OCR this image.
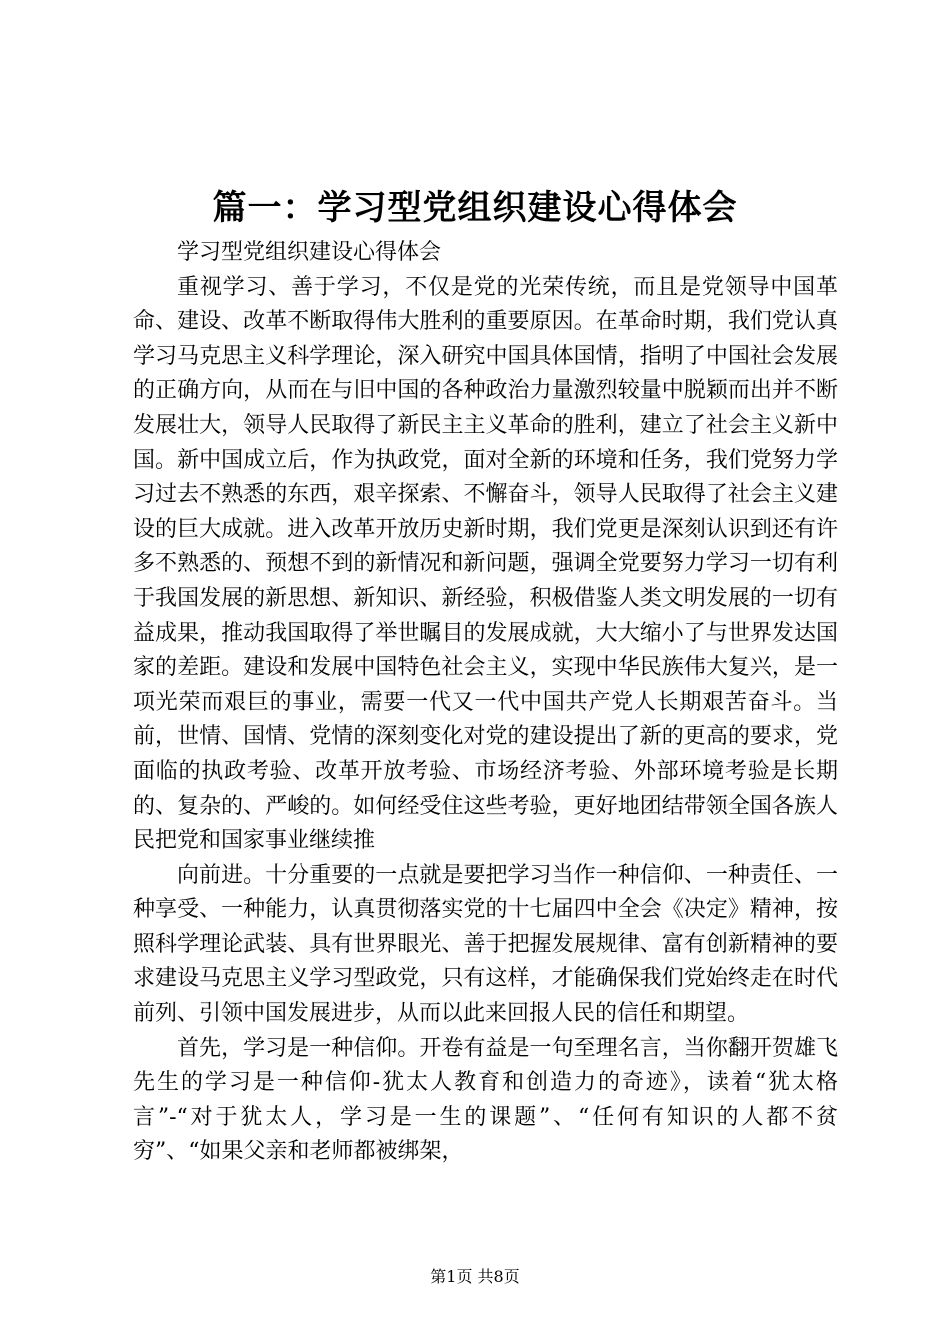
篇一：学习型党组织建设心得体会

学习型党组织建设心得体会

重视学习、善于学习，不仅是党的光荣传统，而且是党领导中国革命、建设、改革不断取得伟大胜利的重要原因。在革命时期，我们党认真学习马克思主义科学理论，深入研究中国具体国情，指明了中国社会发展的正确方向，从而在与旧中国的各种政治力量激烈较量中脱颖而出并不断发展壮大，领导人民取得了新民主主义革命的胜利，建立了社会主义新中国。新中国成立后，作为执政党，面对全新的环境和任务，我们党努力学习过去不熟悉的东西，艰辛探索、不懈奋斗，领导人民取得了社会主义建设的巨大成就。进入改革开放历史新时期，我们党更是深刻认识到还有许多不熟悉的、预想不到的新情况和新问题，强调全党要努力学习一切有利于我国发展的新思想、新知识、新经验，积极借鉴人类文明发展的一切有益成果，推动我国取得了举世瞩目的发展成就，大大缩小了与世界发达国家的差距。建设和发展中国特色社会主义，实现中华民族伟大复兴，是一项光荣而艰巨的事业，需要一代又一代中国共产党人长期艰苦奋斗。当前，世情、国情、党情的深刻变化对党的建设提出了新的更高的要求，党面临的执政考验、改革开放考验、市场经济考验、外部环境考验是长期的、复杂的、严峻的。如何经受住这些考验，更好地团结带领全国各族人民把党和国家事业继续推

向前进。十分重要的一点就是要把学习当作一种信仰、一种责任、一种享受、一种能力，认真贯彻落实党的十七届四中全会《决定》精神，按照科学理论武装、具有世界眼光、善于把握发展规律、富有创新精神的要求建设马克思主义学习型政党，只有这样，才能确保我们党始终走在时代前列、引领中国发展进步，从而以此来回报人民的信任和期望。

首先，学习是一种信仰。开卷有益是一句至理名言，当你翻开贺雄飞先生的学习是一种信仰-犹太人教育和创造力的奇迹》，读着“犹太格言”-“对于犹太人，学习是一生的课题”、“任何有知识的人都不贫穷”、“如果父亲和老师都被绑架，

第1页 共8页
